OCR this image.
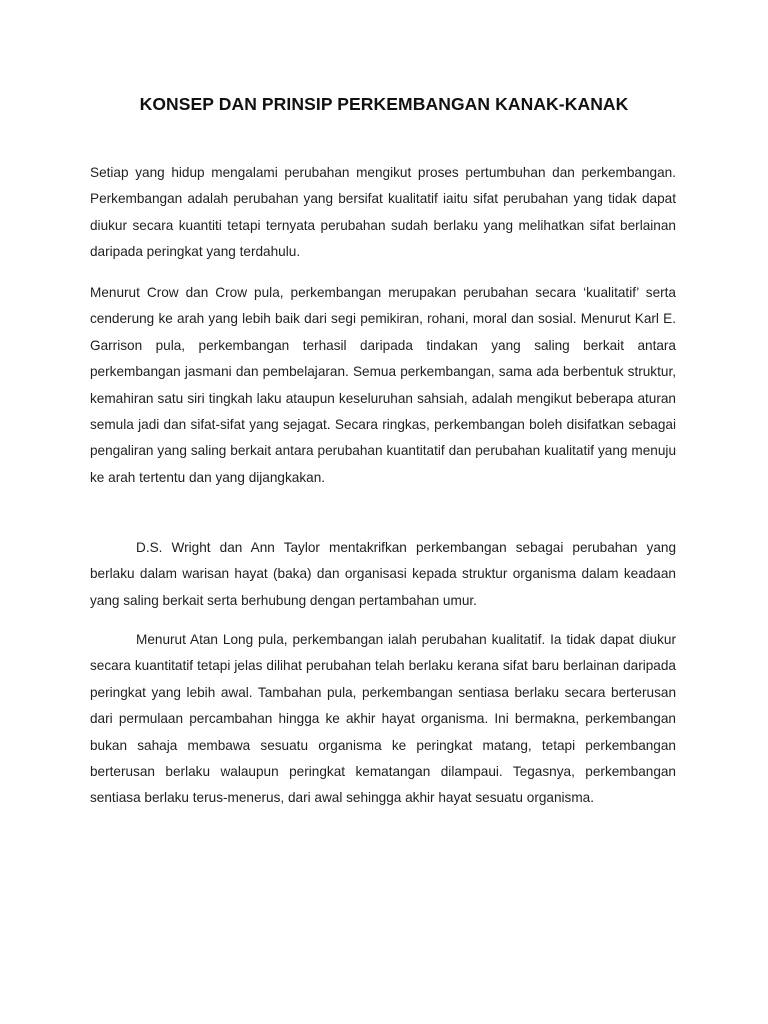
KONSEP DAN PRINSIP PERKEMBANGAN KANAK-KANAK

Setiap yang hidup mengalami perubahan mengikut proses pertumbuhan dan perkembangan. Perkembangan adalah perubahan yang bersifat kualitatif iaitu sifat perubahan yang tidak dapat diukur secara kuantiti tetapi ternyata perubahan sudah berlaku yang melihatkan sifat berlainan daripada peringkat yang terdahulu.

Menurut Crow dan Crow pula, perkembangan merupakan perubahan secara ‘kualitatif’ serta cenderung ke arah yang lebih baik dari segi pemikiran, rohani, moral dan sosial. Menurut Karl E. Garrison pula, perkembangan terhasil daripada tindakan yang saling berkait antara perkembangan jasmani dan pembelajaran. Semua perkembangan, sama ada berbentuk struktur, kemahiran satu siri tingkah laku ataupun keseluruhan sahsiah, adalah mengikut beberapa aturan semula jadi dan sifat-sifat yang sejagat. Secara ringkas, perkembangan boleh disifatkan sebagai pengaliran yang saling berkait antara perubahan kuantitatif dan perubahan kualitatif yang menuju ke arah tertentu dan yang dijangkakan.

D.S. Wright dan Ann Taylor mentakrifkan perkembangan sebagai perubahan yang berlaku dalam warisan hayat (baka) dan organisasi kepada struktur organisma dalam keadaan yang saling berkait serta berhubung dengan pertambahan umur.

Menurut Atan Long pula, perkembangan ialah perubahan kualitatif. Ia tidak dapat diukur secara kuantitatif tetapi jelas dilihat perubahan telah berlaku kerana sifat baru berlainan daripada peringkat yang lebih awal. Tambahan pula, perkembangan sentiasa berlaku secara berterusan dari permulaan percambahan hingga ke akhir hayat organisma. Ini bermakna, perkembangan bukan sahaja membawa sesuatu organisma ke peringkat matang, tetapi perkembangan berterusan berlaku walaupun peringkat kematangan dilampaui. Tegasnya, perkembangan sentiasa berlaku terus-menerus, dari awal sehingga akhir hayat sesuatu organisma.
